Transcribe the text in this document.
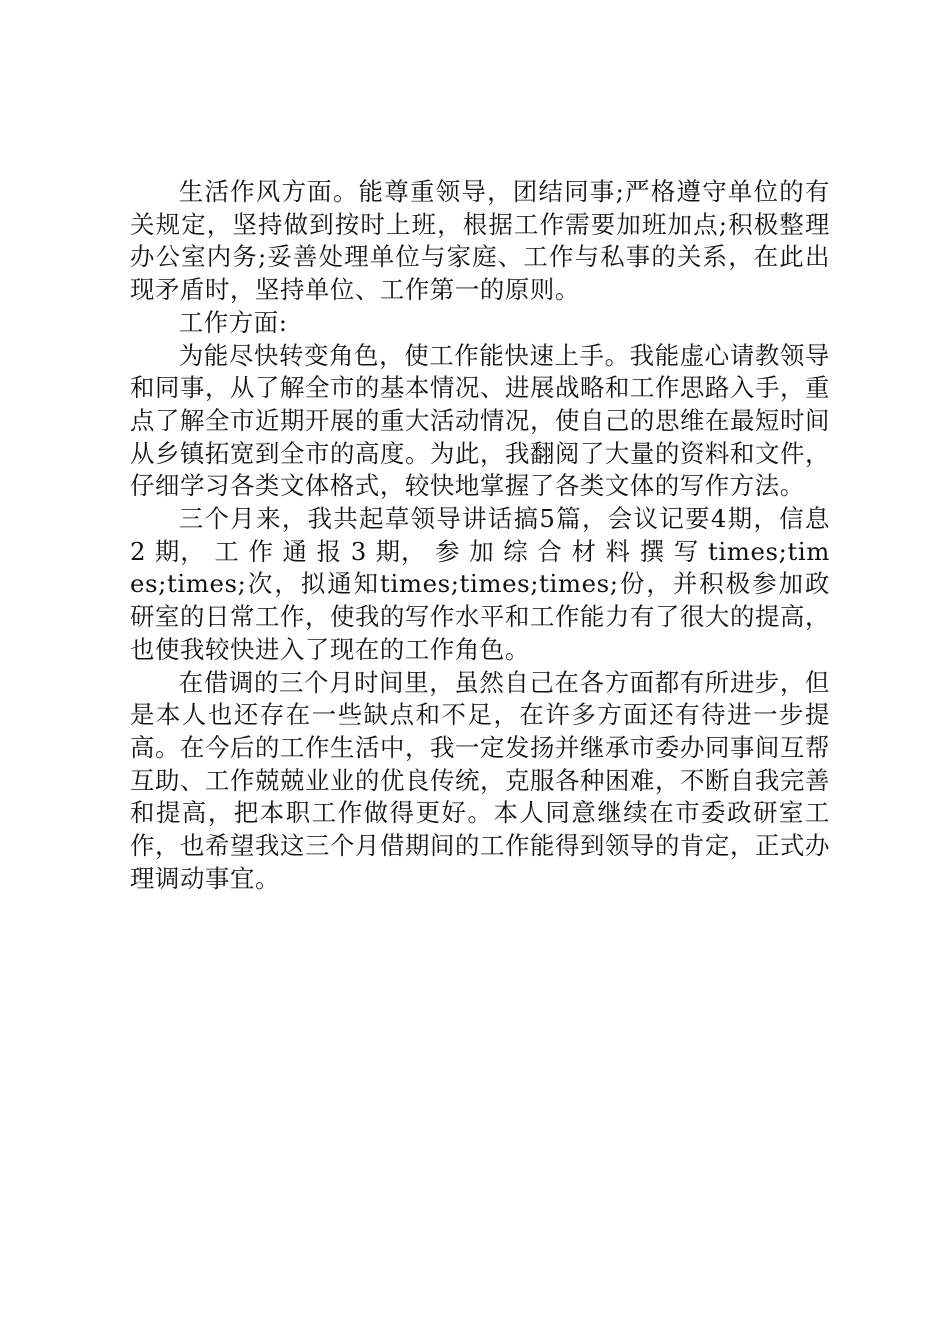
生活作风方面。能尊重领导，团结同事;严格遵守单位的有关规定，坚持做到按时上班，根据工作需要加班加点;积极整理办公室内务;妥善处理单位与家庭、工作与私事的关系，在此出现矛盾时，坚持单位、工作第一的原则。

工作方面:

为能尽快转变角色，使工作能快速上手。我能虚心请教领导和同事，从了解全市的基本情况、进展战略和工作思路入手，重点了解全市近期开展的重大活动情况，使自己的思维在最短时间从乡镇拓宽到全市的高度。为此，我翻阅了大量的资料和文件，仔细学习各类文体格式，较快地掌握了各类文体的写作方法。

三个月来，我共起草领导讲话搞5篇，会议记要4期，信息 2 期， 工 作 通 报 3 期， 参 加 综 合 材 料 撰 写 times;times;times;次，拟通知times;times;times;份，并积极参加政研室的日常工作，使我的写作水平和工作能力有了很大的提高，也使我较快进入了现在的工作角色。

在借调的三个月时间里，虽然自己在各方面都有所进步，但是本人也还存在一些缺点和不足，在许多方面还有待进一步提高。在今后的工作生活中，我一定发扬并继承市委办同事间互帮互助、工作兢兢业业的优良传统，克服各种困难，不断自我完善和提高，把本职工作做得更好。本人同意继续在市委政研室工作，也希望我这三个月借期间的工作能得到领导的肯定，正式办理调动事宜。
